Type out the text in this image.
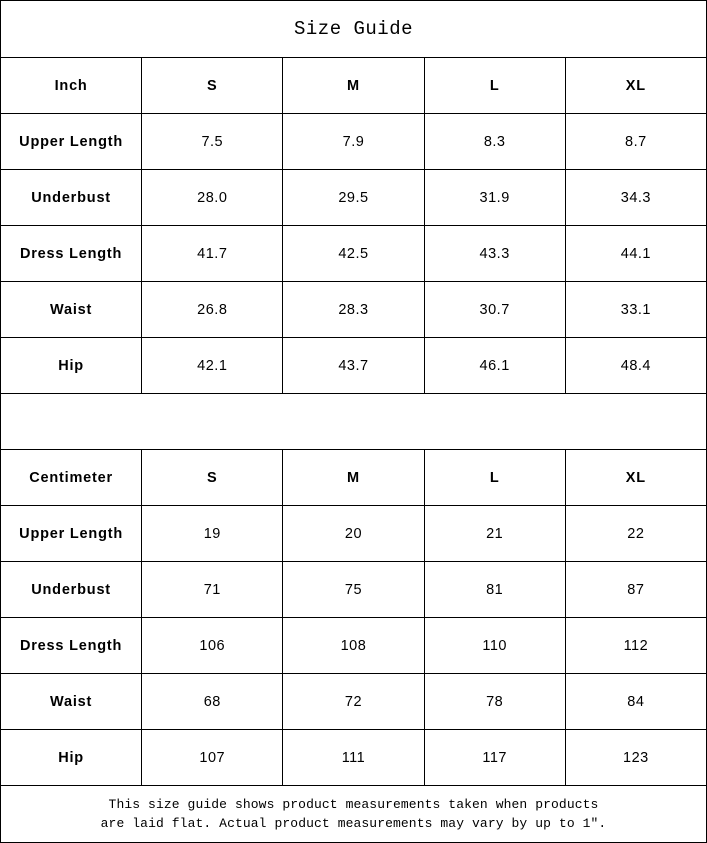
Size Guide				
Inch	S	M	L	XL
Upper Length	7.5	7.9	8.3	8.7
Underbust	28.0	29.5	31.9	34.3
Dress Length	41.7	42.5	43.3	44.1
Waist	26.8	28.3	30.7	33.1
Hip	42.1	43.7	46.1	48.4

Centimeter	S	M	L	XL
Upper Length	19	20	21	22
Underbust	71	75	81	87
Dress Length	106	108	110	112
Waist	68	72	78	84
Hip	107	111	117	123

This size guide shows product measurements taken when products
are laid flat. Actual product measurements may vary by up to 1″.				
